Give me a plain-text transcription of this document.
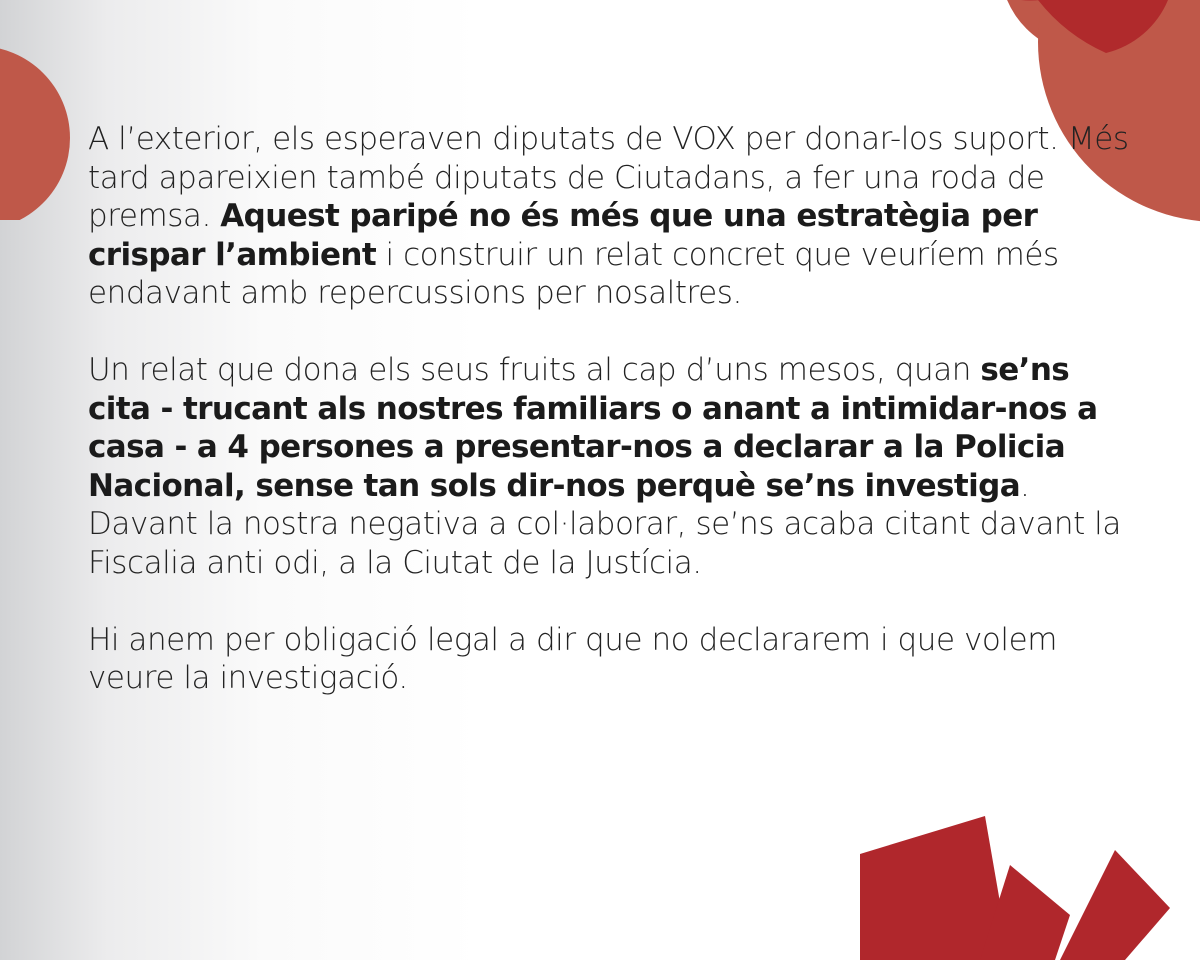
A l’exterior, els esperaven diputats de VOX per donar-los suport. Més tard apareixien també diputats de Ciutadans, a fer una roda de premsa. Aquest paripé no és més que una estratègia per crispar l’ambient i construir un relat concret que veuríem més endavant amb repercussions per nosaltres.

Un relat que dona els seus fruits al cap d’uns mesos, quan se’ns cita - trucant als nostres familiars o anant a intimidar-nos a casa - a 4 persones a presentar-nos a declarar a la Policia Nacional, sense tan sols dir-nos perquè se’ns investiga. Davant la nostra negativa a col·laborar, se’ns acaba citant davant la Fiscalia anti odi, a la Ciutat de la Justícia.

Hi anem per obligació legal a dir que no declararem i que volem veure la investigació.
